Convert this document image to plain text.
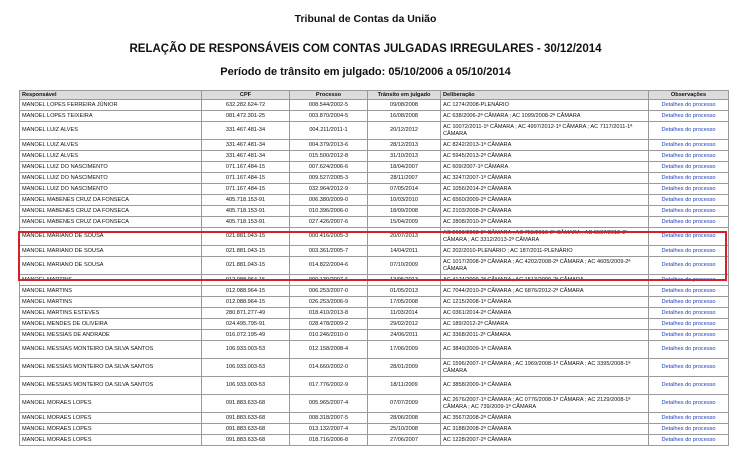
Tribunal de Contas da União
RELAÇÃO DE RESPONSÁVEIS COM CONTAS JULGADAS IRREGULARES - 30/12/2014
Período de trânsito em julgado: 05/10/2006 a 05/10/2014
Responsável	CPF	Processo	Trânsito em julgado	Deliberação	Observações
MANOEL LOPES FERREIRA JÚNIOR	632.282.624-72	008.544/2002-5	09/08/2008	AC 1274/2008-PLENÁRIO	Detalhes do processo
MANOEL LOPES TEIXEIRA	081.472.301-25	003.870/2004-5	16/08/2008	AC 638/2006-2ª CÂMARA ; AC 1099/2008-2ª CÂMARA	Detalhes do processo
MANOEL LUIZ ALVES	331.467.481-34	004.211/2011-1	20/12/2012	AC 10072/2011-1ª CÂMARA ; AC 4997/2012-1ª CÂMARA ; AC 7117/2011-1ª CÂMARA	Detalhes do processo
MANOEL LUIZ ALVES	331.467.481-34	004.379/2013-6	28/12/2013	AC 8242/2013-1ª CÂMARA	Detalhes do processo
MANOEL LUIZ ALVES	331.467.481-34	015.500/2012-8	31/10/2013	AC 5945/2013-2ª CÂMARA	Detalhes do processo
MANOEL LUIZ DO NASCIMENTO	071.167.484-15	007.624/2006-6	18/04/2007	AC 609/2007-1ª CÂMARA	Detalhes do processo
MANOEL LUIZ DO NASCIMENTO	071.167.484-15	009.527/2005-3	28/11/2007	AC 3247/2007-1ª CÂMARA	Detalhes do processo
MANOEL LUIZ DO NASCIMENTO	071.167.484-15	032.964/2012-9	07/05/2014	AC 1056/2014-2ª CÂMARA	Detalhes do processo
MANOEL MABENES CRUZ DA FONSECA	405.718.153-91	006.380/2009-0	10/03/2010	AC 6560/2009-2ª CÂMARA	Detalhes do processo
MANOEL MABENES CRUZ DA FONSECA	405.718.153-91	010.396/2006-0	18/09/2008	AC 2103/2008-2ª CÂMARA	Detalhes do processo
MANOEL MABENES CRUZ DA FONSECA	405.718.153-91	027.426/2007-6	15/04/2009	AC 2808/2010-2ª CÂMARA	Detalhes do processo
MANOEL MARIANO DE SOUSA	021.881.043-15	000.416/2005-3	20/07/2013	AC 2609/2008-2ª CÂMARA ; AC 758/2010-2ª CÂMARA ; AC 5587/2012-2ª CÂMARA ; AC 3312/2013-2ª CÂMARA	Detalhes do processo
MANOEL MARIANO DE SOUSA	021.881.043-15	003.361/2005-7	14/04/2011	AC 202/2010-PLENÁRIO ; AC 187/2011-PLENÁRIO	Detalhes do processo
MANOEL MARIANO DE SOUSA	021.881.043-15	014.822/2004-6	07/10/2009	AC 1017/2008-2ª CÂMARA ; AC 4202/2008-2ª CÂMARA ; AC 4605/2009-2ª CÂMARA	Detalhes do processo
MANOEL MARTINS	012.088.964-15	000.130/2007-6	13/05/2013	AC 4174/2009-2ª CÂMARA ; AC 1513/2009-2ª CÂMARA	Detalhes do processo
MANOEL MARTINS	012.088.964-15	006.253/2007-0	01/05/2013	AC 7044/2010-2ª CÂMARA ; AC 6876/2012-2ª CÂMARA	Detalhes do processo
MANOEL MARTINS	012.088.964-15	026.253/2006-9	17/05/2008	AC 1215/2008-1ª CÂMARA	Detalhes do processo
MANOEL MARTINS ESTEVES	280.871.277-49	018.410/2013-8	11/03/2014	AC 0361/2014-2ª CÂMARA	Detalhes do processo
MANOEL MENDES DE OLIVEIRA	024.495.795-91	028.478/2009-2	29/02/2012	AC 189/2012-2ª CÂMARA	Detalhes do processo
MANOEL MESSIAS DE ANDRADE	016.072.195-49	010.246/2010-0	24/06/2011	AC 3368/2011-2ª CÂMARA	Detalhes do processo
MANOEL MESSIAS MONTEIRO DA SILVA SANTOS	106.933.003-53	012.158/2008-4	17/06/2009	AC 3849/2009-1ª CÂMARA	Detalhes do processo
MANOEL MESSIAS MONTEIRO DA SILVA SANTOS	106.933.003-53	014.660/2002-0	28/01/2009	AC 1596/2007-1ª CÂMARA ; AC 1969/2008-1ª CÂMARA ; AC 3395/2008-1ª CÂMARA	Detalhes do processo
MANOEL MESSIAS MONTEIRO DA SILVA SANTOS	106.933.003-53	017.776/2002-9	18/11/2009	AC 3858/2009-1ª CÂMARA	Detalhes do processo
MANOEL MORAES LOPES	091.883.633-68	005.965/2007-4	07/07/2009	AC 2676/2007-1ª CÂMARA ; AC 0776/2008-1ª CÂMARA ; AC 2129/2008-1ª CÂMARA ; AC 739/2009-1ª CÂMARA	Detalhes do processo
MANOEL MORAES LOPES	091.883.633-68	008.318/2007-5	28/06/2008	AC 3567/2008-2ª CÂMARA	Detalhes do processo
MANOEL MORAES LOPES	091.883.633-68	013.132/2007-4	25/10/2008	AC 3188/2008-2ª CÂMARA	Detalhes do processo
MANOEL MORAES LOPES	091.883.633-68	018.716/2006-8	27/06/2007	AC 1228/2007-2ª CÂMARA	Detalhes do processo
